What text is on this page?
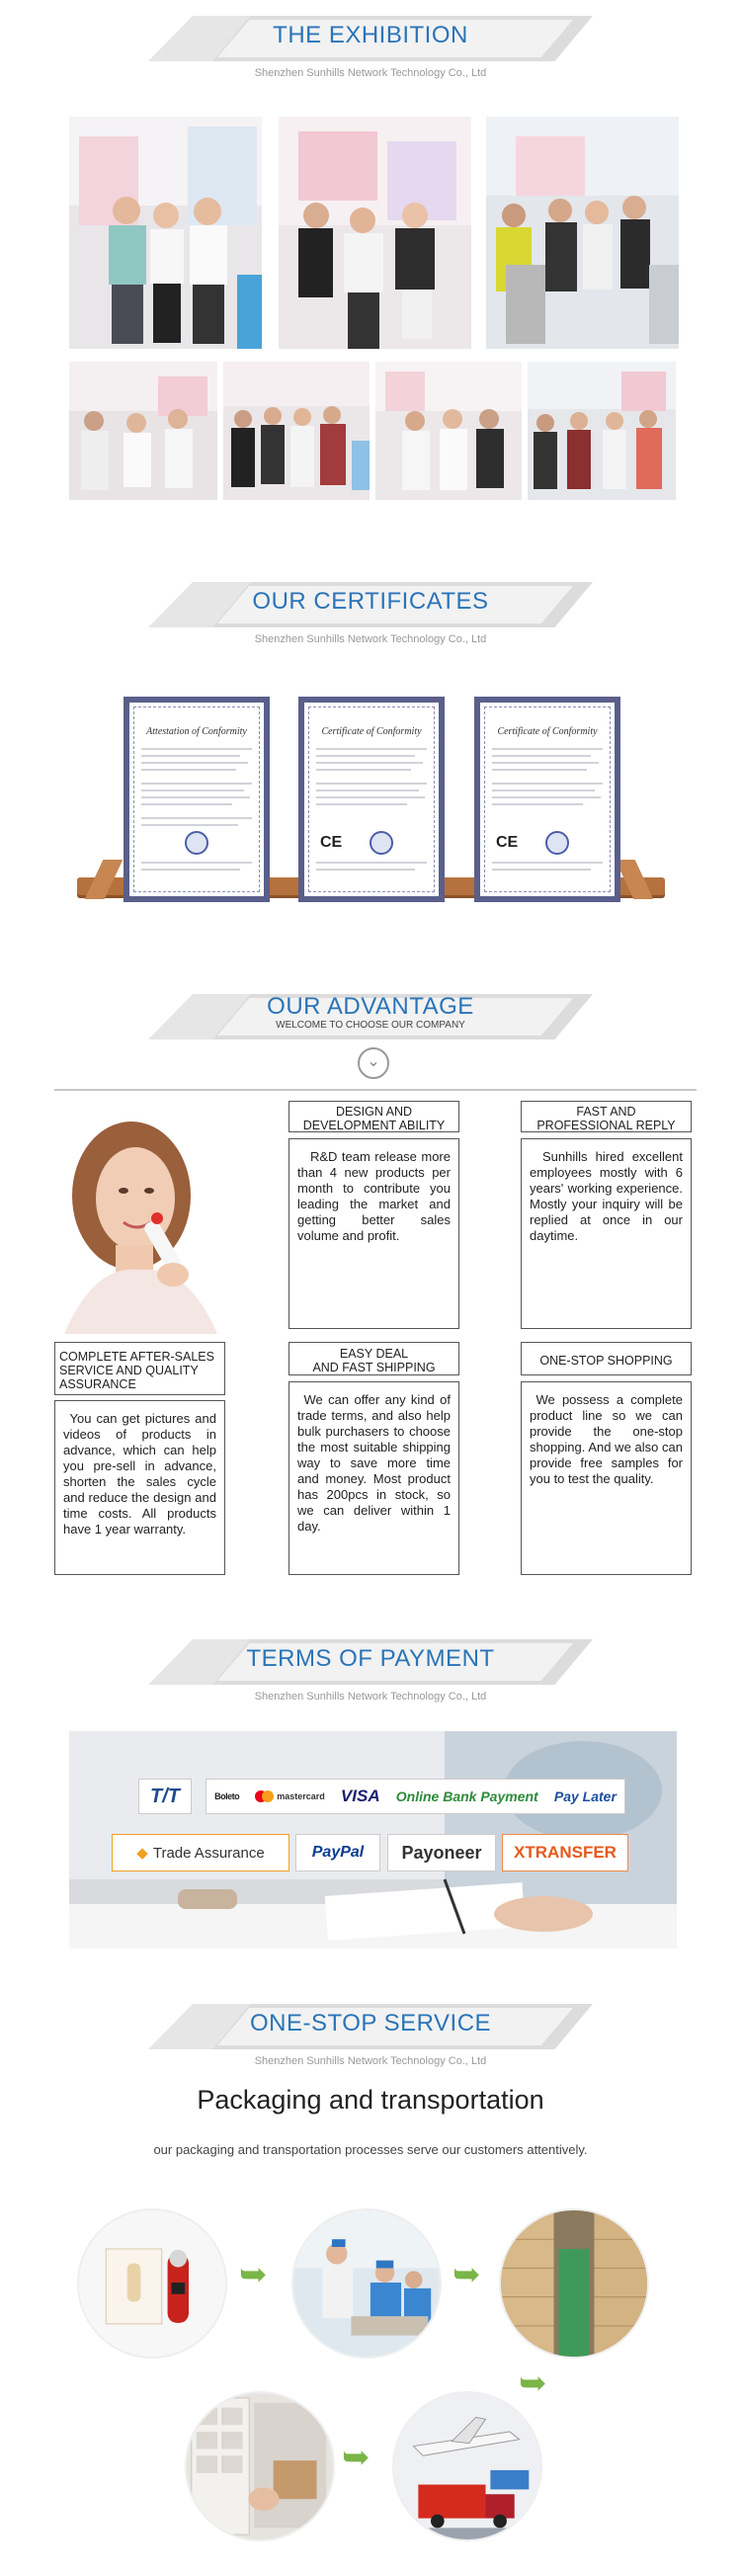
THE EXHIBITION
Shenzhen Sunhills Network Technology Co., Ltd
OUR CERTIFICATES
Shenzhen Sunhills Network Technology Co., Ltd
Attestation of Conformity	Certificate of Conformity
CE
Certificate of Conformity
CE
OUR ADVANTAGE
WELCOME TO CHOOSE OUR COMPANY
⌄
DESIGN AND
DEVELOPMENT ABILITY
R&D team release more than 4 new products per month to contribute you leading the market and getting better sales volume and profit.
FAST AND
PROFESSIONAL REPLY
Sunhills hired excellent employees mostly with 6 years' working experience. Mostly your inquiry will be replied at once in our daytime.
COMPLETE AFTER-SALES
SERVICE AND QUALITY
ASSURANCE
You can get pictures and videos of products in advance, which can help you pre-sell in advance, shorten the sales cycle and reduce the design and time costs. All products have 1 year warranty.
EASY DEAL
AND FAST SHIPPING
We can offer any kind of trade terms, and also help bulk purchasers to choose the most suitable shipping way to save more time and money. Most product has 200pcs in stock, so we can deliver within 1 day.
ONE-STOP SHOPPING
We possess a complete product line so we can provide the one-stop shopping. And we also can provide free samples for you to test the quality.
TERMS OF PAYMENT
Shenzhen Sunhills Network Technology Co., Ltd
T/T	Boleto	mastercard VISA Online Bank Payment Pay Later
◆ Trade Assurance	PayPal Payoneer XTRANSFER
ONE-STOP SERVICE
Shenzhen Sunhills Network Technology Co., Ltd
Packaging and transportation
our packaging and transportation processes serve our customers attentively.
➥	➥
➥
➥
